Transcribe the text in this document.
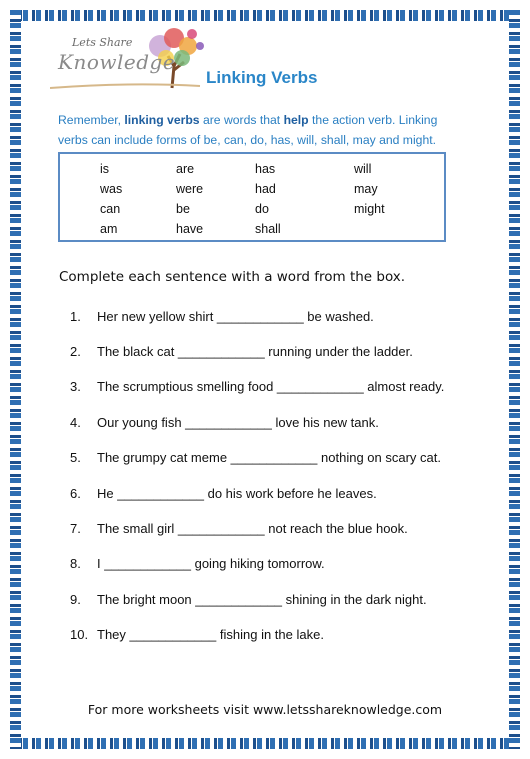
Lets Share
Knowledge
Linking Verbs
Remember, linking verbs are words that help the action verb. Linking verbs can include forms of be, can, do, has, will, shall, may and might.
is
was
can
am
are
were
be
have
has
had
do
shall
will
may
might
Complete each sentence with a word from the box.
1. Her new yellow shirt ____________ be washed.
2. The black cat ____________ running under the ladder.
3. The scrumptious smelling food ____________ almost ready.
4. Our young fish ____________ love his new tank.
5. The grumpy cat meme ____________ nothing on scary cat.
6. He ____________ do his work before he leaves.
7. The small girl ____________ not reach the blue hook.
8. I ____________ going hiking tomorrow.
9. The bright moon ____________ shining in the dark night.
10. They ____________ fishing in the lake.
For more worksheets visit www.letsshareknowledge.com
